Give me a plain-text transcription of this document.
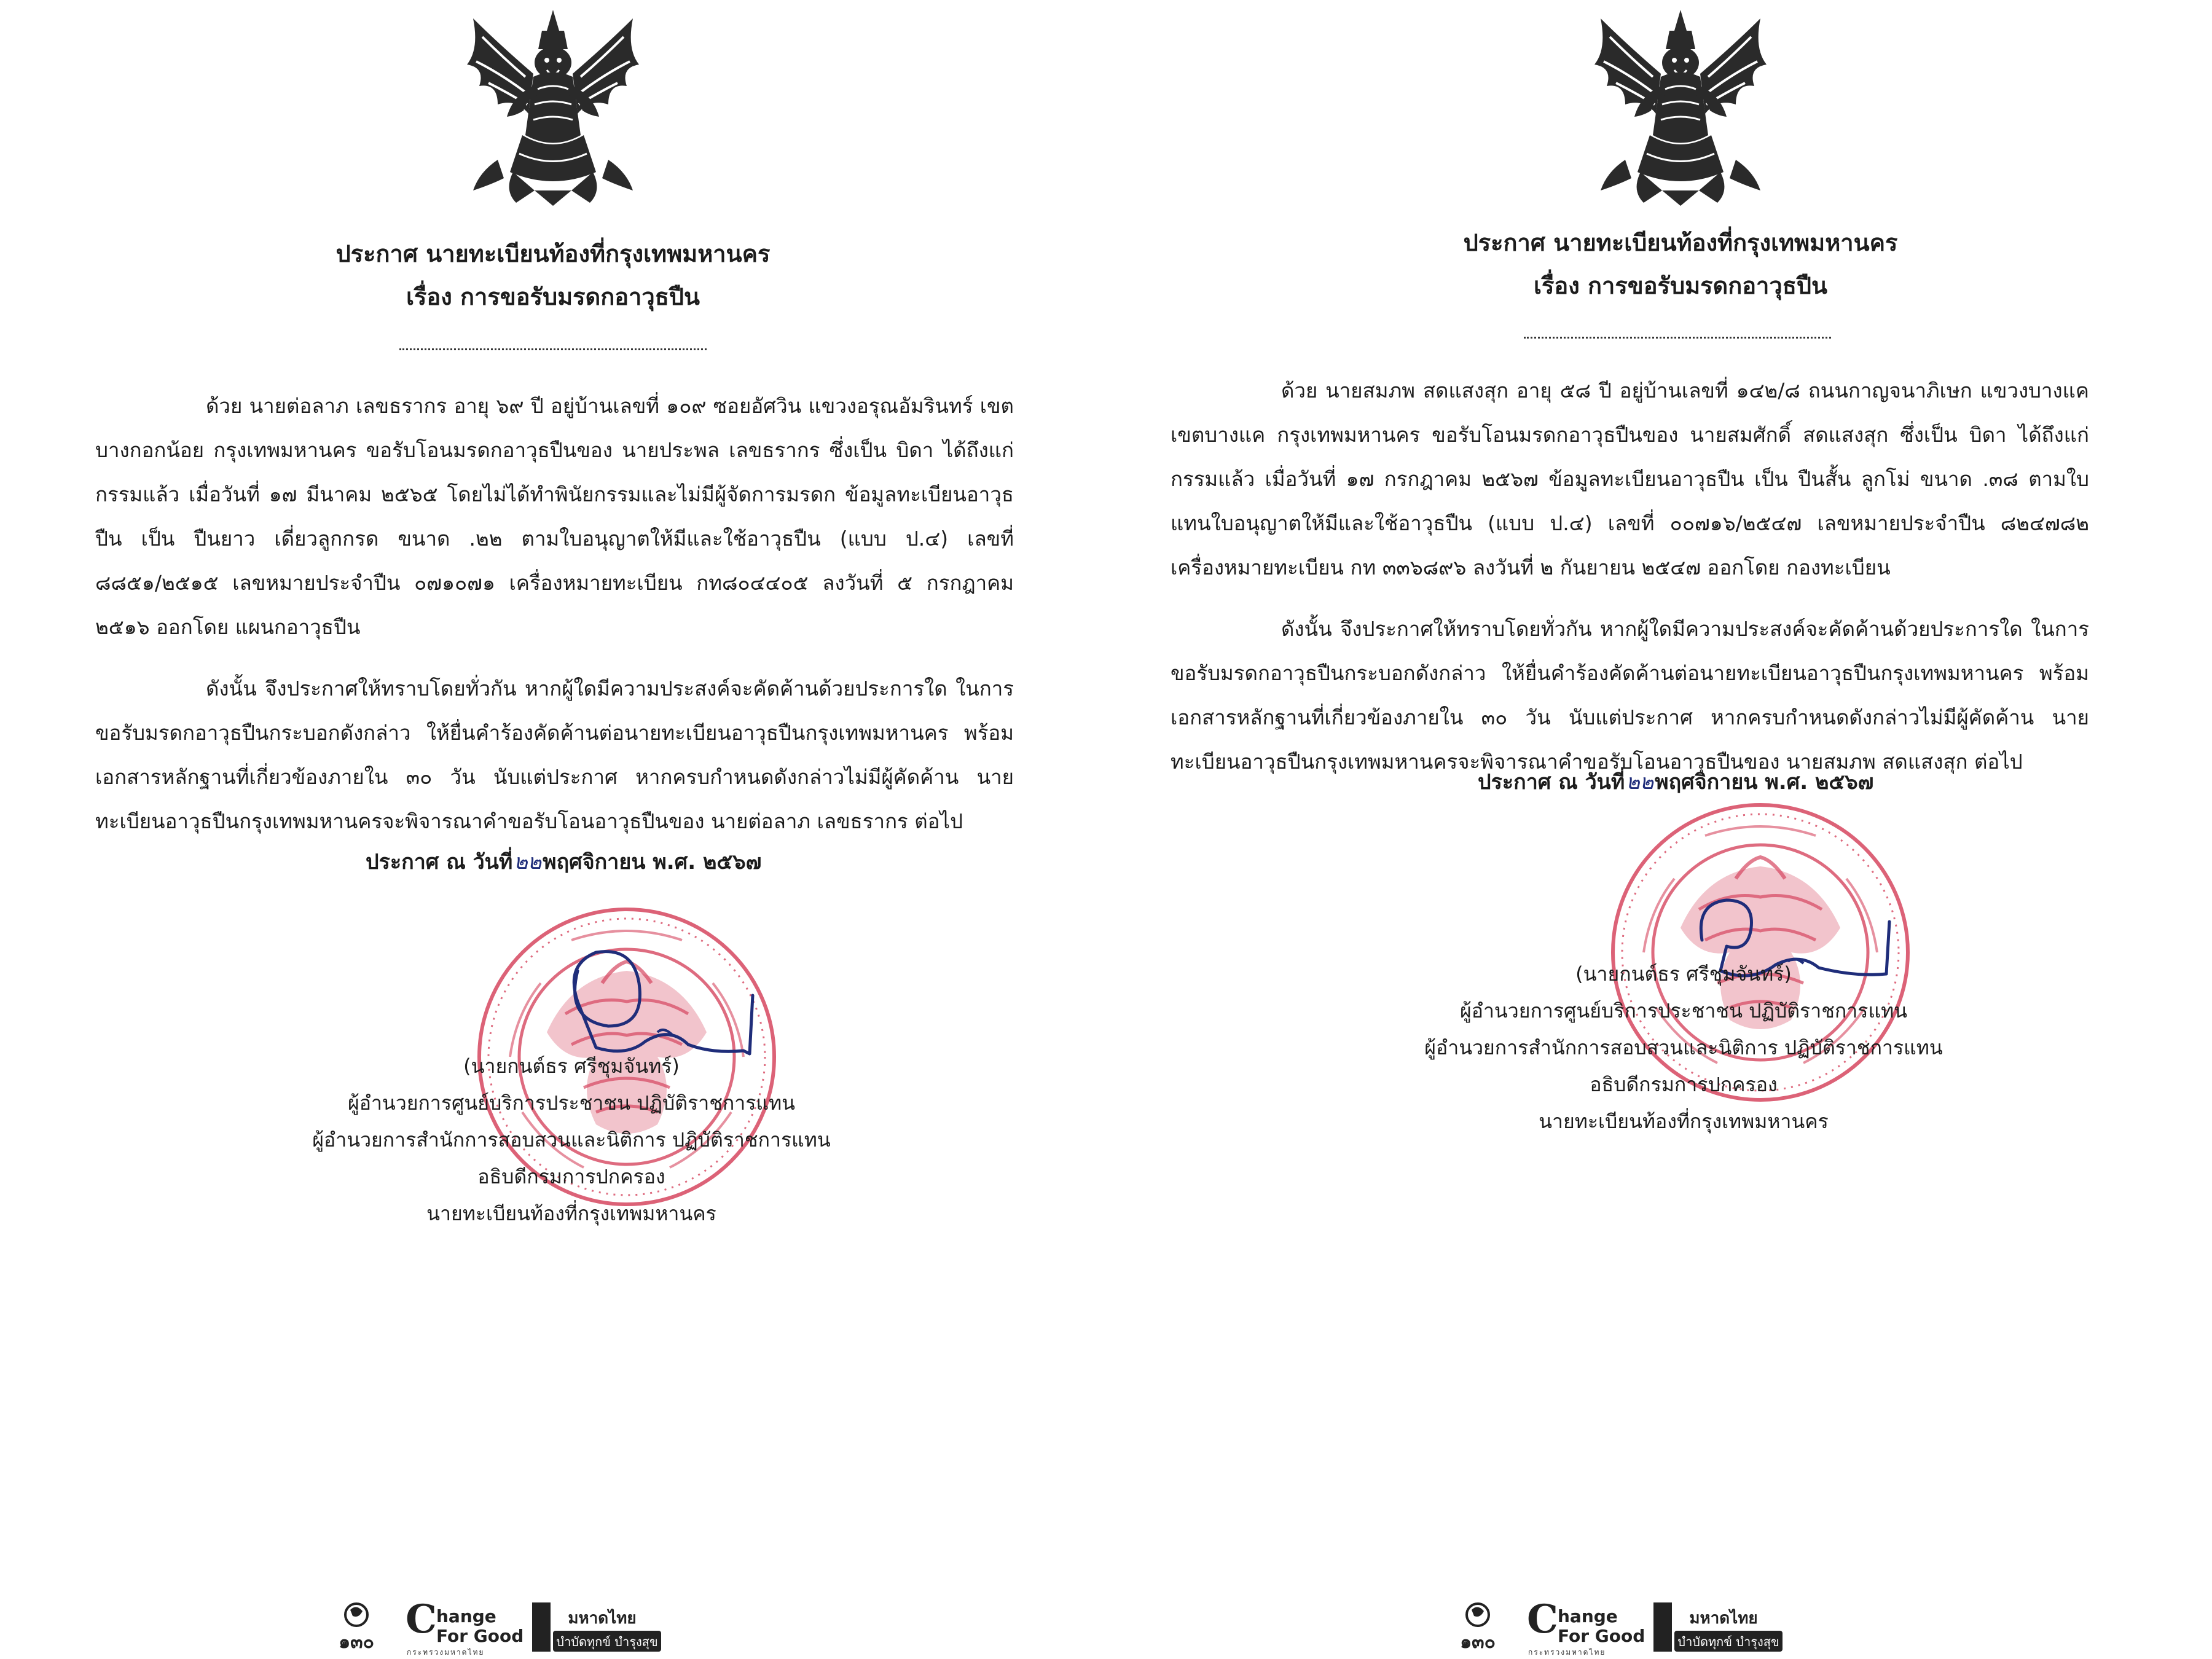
ประกาศ นายทะเบียนท้องที่กรุงเทพมหานคร
เรื่อง การขอรับมรดกอาวุธปืน

ด้วย นายต่อลาภ เลขธรากร อายุ ๖๙ ปี อยู่บ้านเลขที่ ๑๐๙ ซอยอัศวิน แขวงอรุณอัมรินทร์ เขตบางกอกน้อย กรุงเทพมหานคร ขอรับโอนมรดกอาวุธปืนของ นายประพล เลขธรากร ซึ่งเป็น บิดา ได้ถึงแก่กรรมแล้ว เมื่อวันที่ ๑๗ มีนาคม ๒๕๖๕ โดยไม่ได้ทำพินัยกรรมและไม่มีผู้จัดการมรดก ข้อมูลทะเบียนอาวุธปืน เป็น ปืนยาว เดี่ยวลูกกรด ขนาด .๒๒ ตามใบอนุญาตให้มีและใช้อาวุธปืน (แบบ ป.๔) เลขที่ ๘๘๕๑/๒๕๑๕ เลขหมายประจำปืน ๐๗๑๐๗๑ เครื่องหมายทะเบียน กท๘๐๔๔๐๕ ลงวันที่ ๕ กรกฎาคม ๒๕๑๖ ออกโดย แผนกอาวุธปืน

ดังนั้น จึงประกาศให้ทราบโดยทั่วกัน หากผู้ใดมีความประสงค์จะคัดค้านด้วยประการใด ในการขอรับมรดกอาวุธปืนกระบอกดังกล่าว ให้ยื่นคำร้องคัดค้านต่อนายทะเบียนอาวุธปืนกรุงเทพมหานคร พร้อมเอกสารหลักฐานที่เกี่ยวข้องภายใน ๓๐ วัน นับแต่ประกาศ หากครบกำหนดดังกล่าวไม่มีผู้คัดค้าน นายทะเบียนอาวุธปืนกรุงเทพมหานครจะพิจารณาคำขอรับโอนอาวุธปืนของ นายต่อลาภ เลขธรากร ต่อไป

ประกาศ ณ วันที่๒๒พฤศจิกายน พ.ศ. ๒๕๖๗
(นายกนต์ธร ศรีชุมจันทร์)
ผู้อำนวยการศูนย์บริการประชาชน ปฏิบัติราชการแทน
ผู้อำนวยการสำนักการสอบสวนและนิติการ ปฏิบัติราชการแทน
อธิบดีกรมการปกครอง
นายทะเบียนท้องที่กรุงเทพมหานคร
๑๓๐ C hange
For Good
กระทรวงมหาดไทย
มหาดไทย
บำบัดทุกข์ บำรุงสุข
ประกาศ นายทะเบียนท้องที่กรุงเทพมหานคร
เรื่อง การขอรับมรดกอาวุธปืน

ด้วย นายสมภพ สดแสงสุก อายุ ๕๘ ปี อยู่บ้านเลขที่ ๑๔๒/๘ ถนนกาญจนาภิเษก แขวงบางแค เขตบางแค กรุงเทพมหานคร ขอรับโอนมรดกอาวุธปืนของ นายสมศักดิ์ สดแสงสุก ซึ่งเป็น บิดา ได้ถึงแก่กรรมแล้ว เมื่อวันที่ ๑๗ กรกฎาคม ๒๕๖๗ ข้อมูลทะเบียนอาวุธปืน เป็น ปืนสั้น ลูกโม่ ขนาด .๓๘ ตามใบแทนใบอนุญาตให้มีและใช้อาวุธปืน (แบบ ป.๔) เลขที่ ๐๐๗๑๖/๒๕๔๗ เลขหมายประจำปืน ๘๒๔๗๘๒ เครื่องหมายทะเบียน กท ๓๓๖๘๙๖ ลงวันที่ ๒ กันยายน ๒๕๔๗ ออกโดย กองทะเบียน

ดังนั้น จึงประกาศให้ทราบโดยทั่วกัน หากผู้ใดมีความประสงค์จะคัดค้านด้วยประการใด ในการขอรับมรดกอาวุธปืนกระบอกดังกล่าว ให้ยื่นคำร้องคัดค้านต่อนายทะเบียนอาวุธปืนกรุงเทพมหานคร พร้อมเอกสารหลักฐานที่เกี่ยวข้องภายใน ๓๐ วัน นับแต่ประกาศ หากครบกำหนดดังกล่าวไม่มีผู้คัดค้าน นายทะเบียนอาวุธปืนกรุงเทพมหานครจะพิจารณาคำขอรับโอนอาวุธปืนของ นายสมภพ สดแสงสุก ต่อไป

ประกาศ ณ วันที่๒๒พฤศจิกายน พ.ศ. ๒๕๖๗
(นายกนต์ธร ศรีชุมจันทร์)
ผู้อำนวยการศูนย์บริการประชาชน ปฏิบัติราชการแทน
ผู้อำนวยการสำนักการสอบสวนและนิติการ ปฏิบัติราชการแทน
อธิบดีกรมการปกครอง
นายทะเบียนท้องที่กรุงเทพมหานคร
๑๓๐ C hange
For Good
กระทรวงมหาดไทย
มหาดไทย
บำบัดทุกข์ บำรุงสุข
